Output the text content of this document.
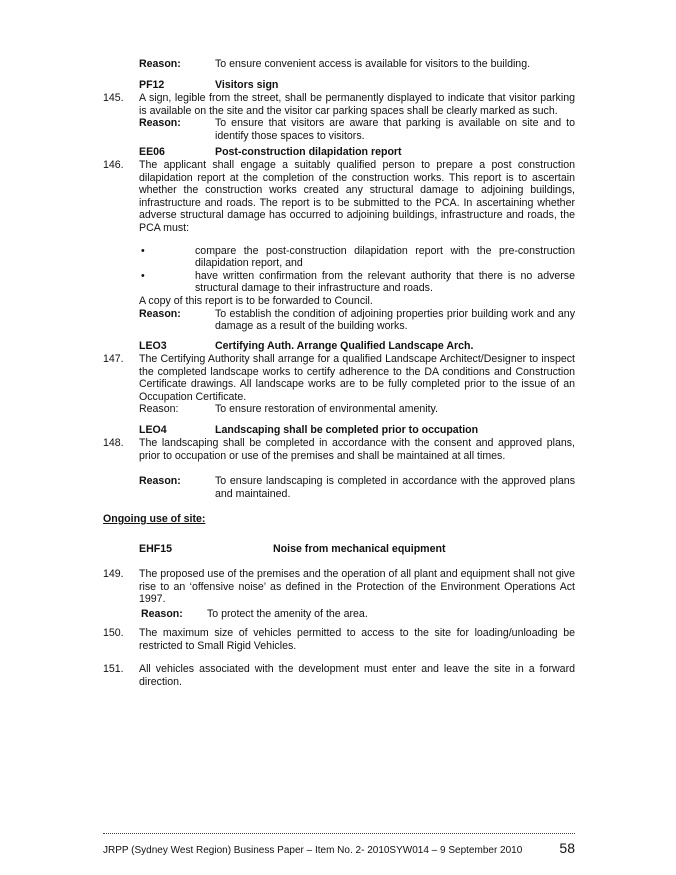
Reason:	To ensure convenient access is available for visitors to the building.
PF12	Visitors sign
145.	A sign, legible from the street, shall be permanently displayed to indicate that visitor parking is available on the site and the visitor car parking spaces shall be clearly marked as such.
Reason:	To ensure that visitors are aware that parking is available on site and to identify those spaces to visitors.
EE06	Post-construction dilapidation report
146.	The applicant shall engage a suitably qualified person to prepare a post construction dilapidation report at the completion of the construction works. This report is to ascertain whether the construction works created any structural damage to adjoining buildings, infrastructure and roads. The report is to be submitted to the PCA. In ascertaining whether adverse structural damage has occurred to adjoining buildings, infrastructure and roads, the PCA must:
•	compare the post-construction dilapidation report with the pre-construction dilapidation report, and
•	have written confirmation from the relevant authority that there is no adverse structural damage to their infrastructure and roads.
A copy of this report is to be forwarded to Council.
Reason:	To establish the condition of adjoining properties prior building work and any damage as a result of the building works.
LEO3	Certifying Auth. Arrange Qualified Landscape Arch.
147.	The Certifying Authority shall arrange for a qualified Landscape Architect/Designer to inspect the completed landscape works to certify adherence to the DA conditions and Construction Certificate drawings. All landscape works are to be fully completed prior to the issue of an Occupation Certificate.
Reason:	To ensure restoration of environmental amenity.
LEO4	Landscaping shall be completed prior to occupation
148.	The landscaping shall be completed in accordance with the consent and approved plans, prior to occupation or use of the premises and shall be maintained at all times.
Reason:	To ensure landscaping is completed in accordance with the approved plans and maintained.
Ongoing use of site:
EHF15	Noise from mechanical equipment
149.	The proposed use of the premises and the operation of all plant and equipment shall not give rise to an ‘offensive noise’ as defined in the Protection of the Environment Operations Act 1997.
Reason:	To protect the amenity of the area.
150.	The maximum size of vehicles permitted to access to the site for loading/unloading be restricted to Small Rigid Vehicles.
151.	All vehicles associated with the development must enter and leave the site in a forward direction.
JRPP (Sydney West Region) Business Paper – Item No. 2- 2010SYW014 – 9 September 2010	58
